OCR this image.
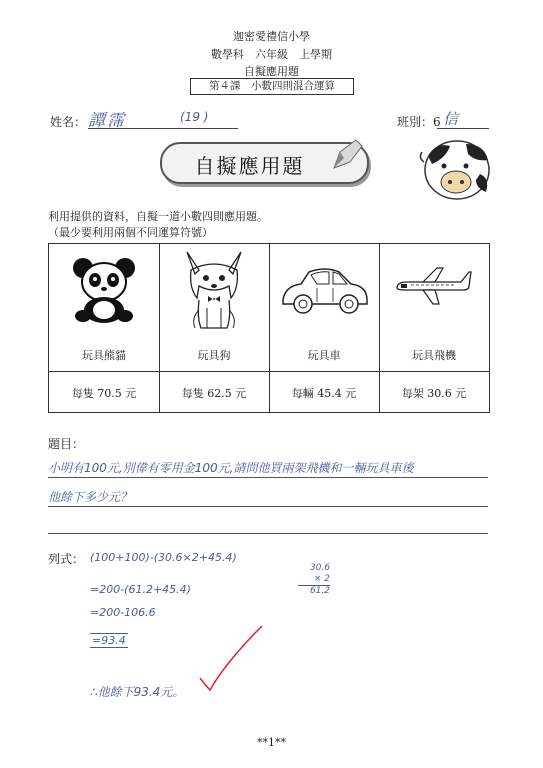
迦密愛禮信小學
數學科　六年級　上學期
自擬應用題
第４課　小數四則混合運算
姓名： 譚霈	(19 )	班別：6 信
自擬應用題
利用提供的資料，自擬一道小數四則應用題。
（最少要利用兩個不同運算符號）
玩具熊貓	玩具狗	玩具車	玩具飛機
每隻 70.5 元	每隻 62.5 元	每輛 45.4 元	每架 30.6 元
題目：
小明有100元,別偉有零用金100元,請問他買兩架飛機和一輛玩具車後
他餘下多少元？
列式： (100+100)-(30.6×2+45.4)
=200-(61.2+45.4)
=200-106.6
=93.4
∴他餘下93.4元。
30.6
× 2
61.2
**1**
